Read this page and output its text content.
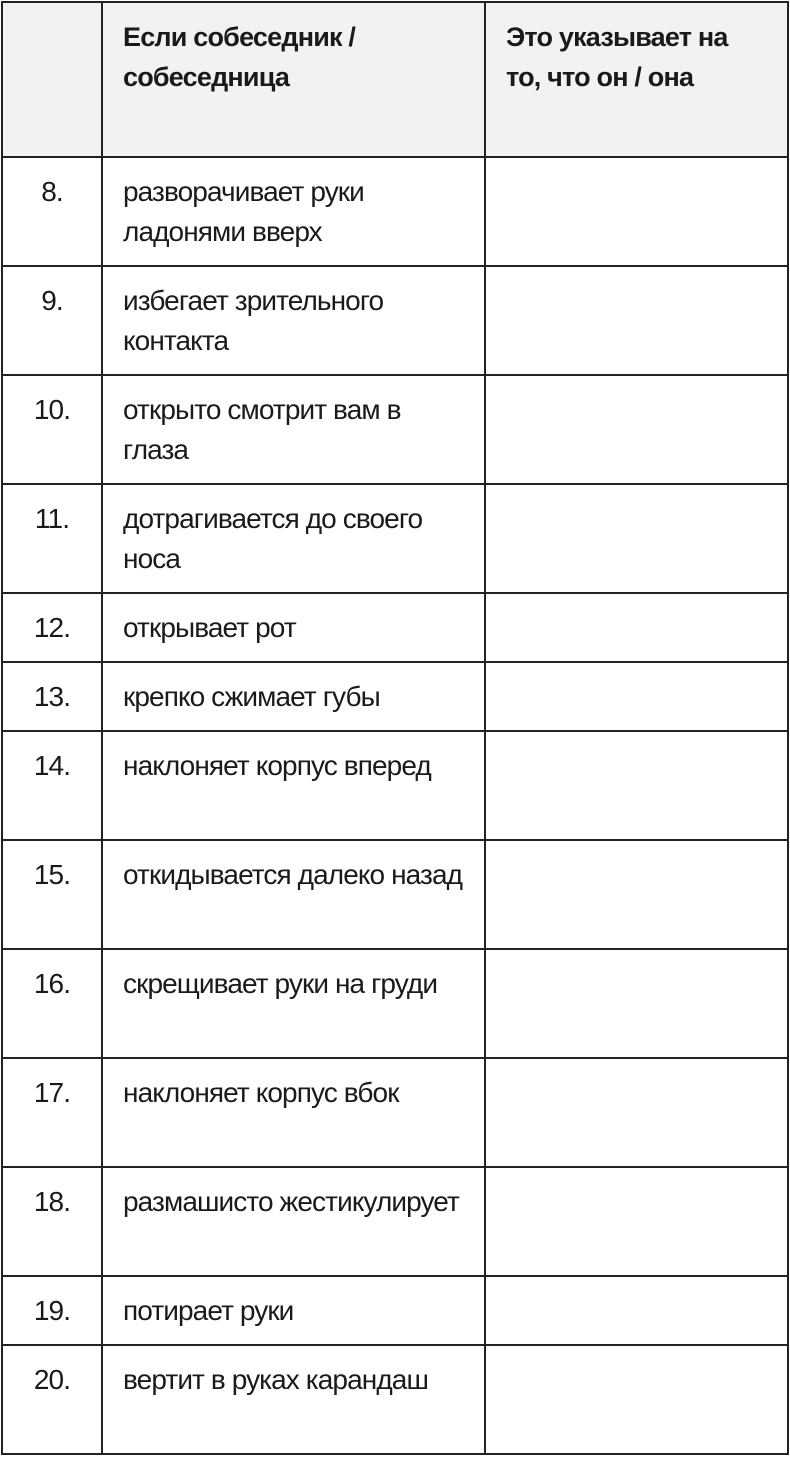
	Если собеседник / собеседница	Это указывает на то, что он / она
8.	разворачивает руки ладонями вверх	
9.	избегает зрительного контакта	
10.	открыто смотрит вам в глаза	
11.	дотрагивается до своего носа	
12.	открывает рот	
13.	крепко сжимает губы	
14.	наклоняет корпус вперед	
15.	откидывается далеко назад	
16.	скрещивает руки на груди	
17.	наклоняет корпус вбок	
18.	размашисто жестикулирует	
19.	потирает руки	
20.	вертит в руках карандаш	
